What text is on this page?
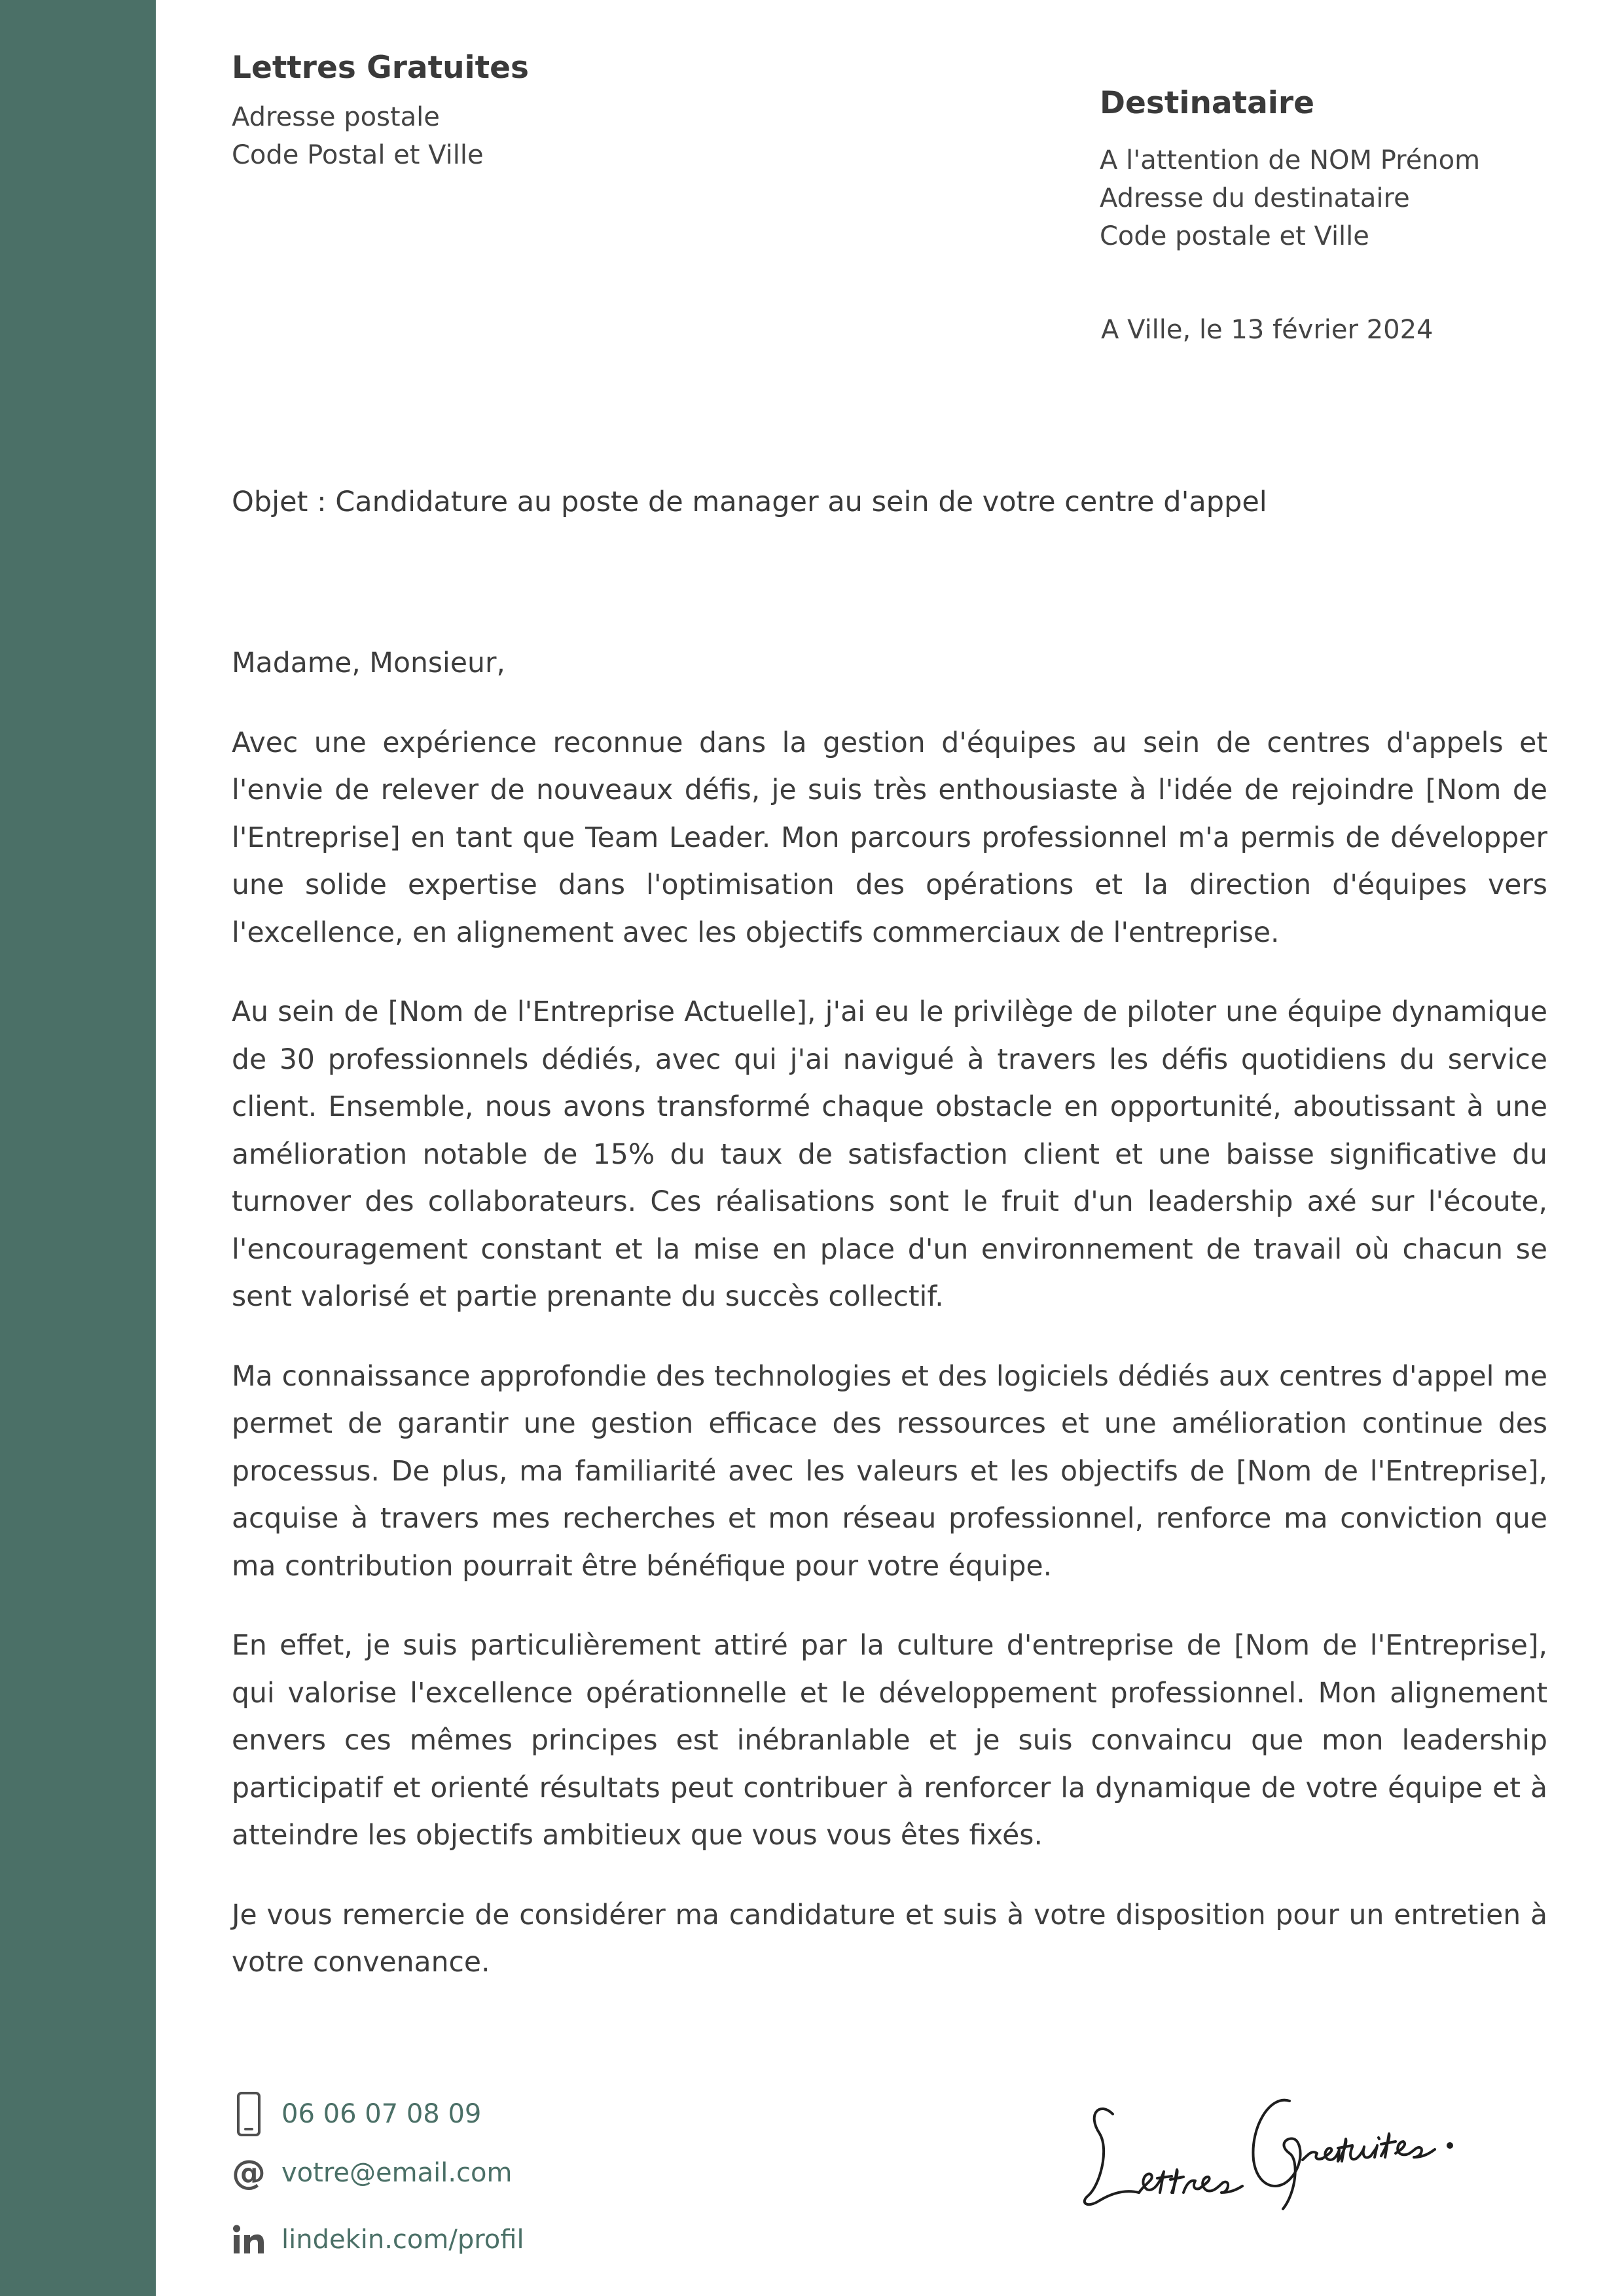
Lettres Gratuites
Adresse postale
Code Postal et Ville
Destinataire
A l'attention de NOM Prénom
Adresse du destinataire
Code postale et Ville
A Ville, le 13 février 2024
Objet : Candidature au poste de manager au sein de votre centre d'appel

Madame, Monsieur,

Avec une expérience reconnue dans la gestion d'équipes au sein de centres d'appels et l'envie de relever de nouveaux défis, je suis très enthousiaste à l'idée de rejoindre [Nom de l'Entreprise] en tant que Team Leader. Mon parcours professionnel m'a permis de développer une solide expertise dans l'optimisation des opérations et la direction d'équipes vers l'excellence, en alignement avec les objectifs commerciaux de l'entreprise.

Au sein de [Nom de l'Entreprise Actuelle], j'ai eu le privilège de piloter une équipe dynamique de 30 professionnels dédiés, avec qui j'ai navigué à travers les défis quotidiens du service client. Ensemble, nous avons transformé chaque obstacle en opportunité, aboutissant à une amélioration notable de 15% du taux de satisfaction client et une baisse significative du turnover des collaborateurs. Ces réalisations sont le fruit d'un leadership axé sur l'écoute, l'encouragement constant et la mise en place d'un environnement de travail où chacun se sent valorisé et partie prenante du succès collectif.

Ma connaissance approfondie des technologies et des logiciels dédiés aux centres d'appel me permet de garantir une gestion efficace des ressources et une amélioration continue des processus. De plus, ma familiarité avec les valeurs et les objectifs de [Nom de l'Entreprise], acquise à travers mes recherches et mon réseau professionnel, renforce ma conviction que ma contribution pourrait être bénéfique pour votre équipe.

En effet, je suis particulièrement attiré par la culture d'entreprise de [Nom de l'Entreprise], qui valorise l'excellence opérationnelle et le développement professionnel. Mon alignement envers ces mêmes principes est inébranlable et je suis convaincu que mon leadership participatif et orienté résultats peut contribuer à renforcer la dynamique de votre équipe et à atteindre les objectifs ambitieux que vous vous êtes fixés.

Je vous remercie de considérer ma candidature et suis à votre disposition pour un entretien à votre convenance.

06 06 07 08 09
@ votre@email.com
lindekin.com/profil
